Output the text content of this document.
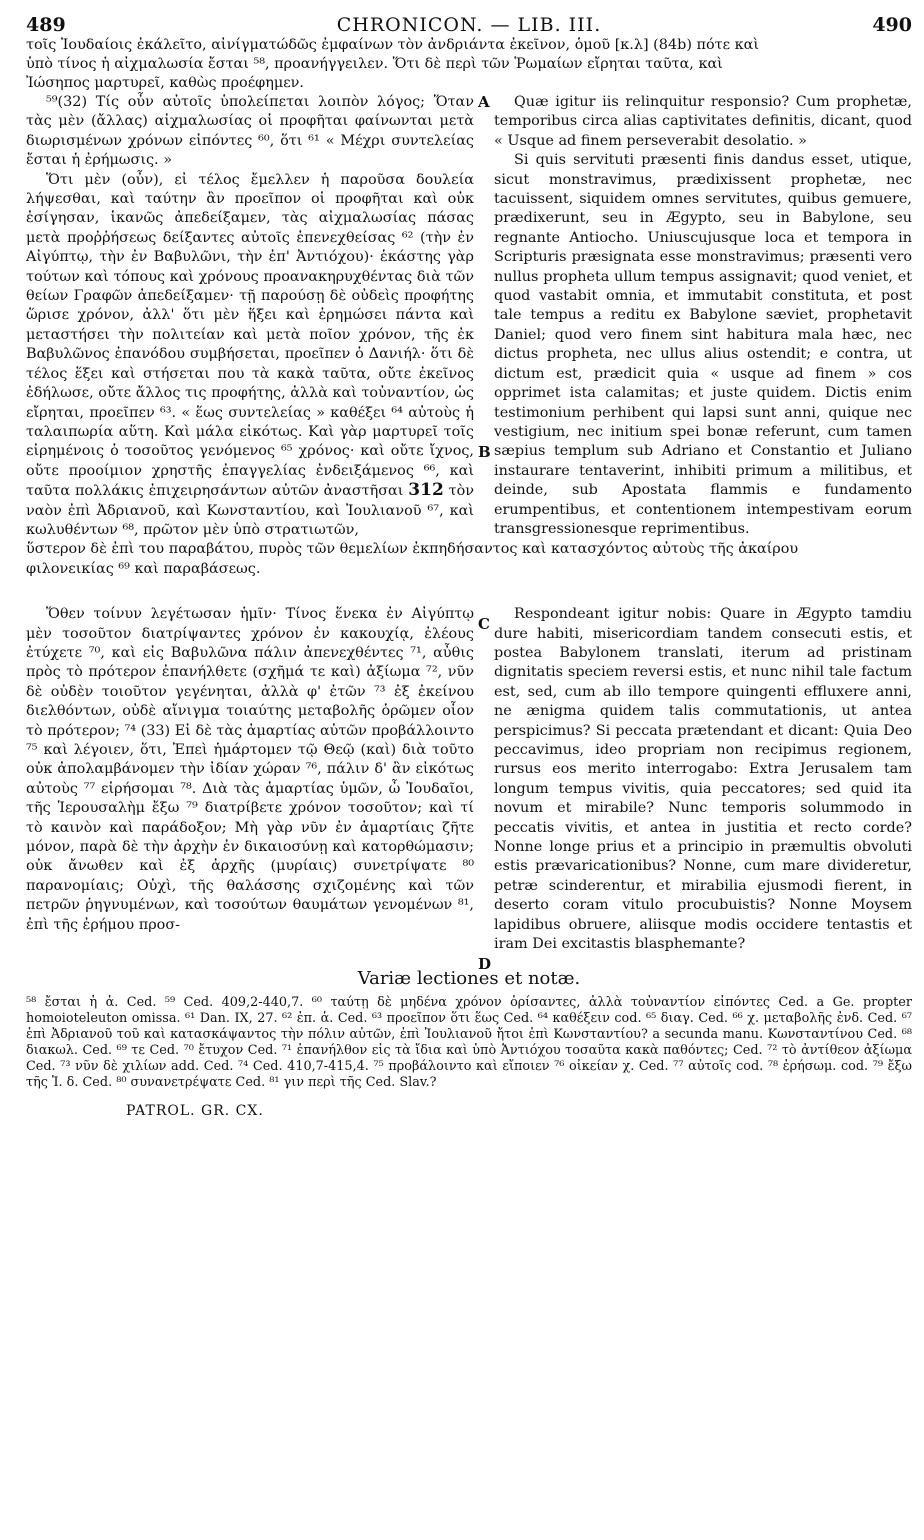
489	CHRONICON. — LIB. III.	490

τοῖς Ἰουδαίοις ἐκάλεῖτο, αἰνίγματώδῶς ἐμφαίνων τὸν ἀνδριάντα ἐκεῖνον, ὁμοῦ [κ.λ] (84b) πότε καὶ

ὑπὸ τίνος ἡ αἰχμαλωσία ἔσται ⁵⁸, προανήγγειλεν. Ὅτι δὲ περὶ τῶν Ῥωμαίων εἴρηται ταῦτα, καὶ

Ἰώσηπος μαρτυρεῖ, καθὼς προέφημεν.

⁵⁹(32) Τίς οὖν αὐτοῖς ὑπολείπεται λοιπὸν λόγος; Ὅταν τὰς μὲν (ἄλλας) αἰχμαλωσίας οἱ προφῆται φαίνωνται μετὰ διωρισμένων χρόνων εἰπόντες ⁶⁰, ὅτι ⁶¹ « Μέχρι συντελείας ἔσται ἡ ἐρήμωσις. »

Ὅτι μὲν (οὖν), εἰ τέλος ἔμελλεν ἡ παροῦσα δουλεία λήψεσθαι, καὶ ταύτην ἂν προεῖπον οἱ προφῆται καὶ οὐκ ἐσίγησαν, ἱκανῶς ἀπεδείξαμεν, τὰς αἰχμαλωσίας πάσας μετὰ προῤῥήσεως δείξαντες αὐτοῖς ἐπενεχθείσας ⁶² (τὴν ἐν Αἰγύπτῳ, τὴν ἐν Βαβυλῶνι, τὴν ἐπ' Ἀντιόχου)· ἑκάστης γὰρ τούτων καὶ τόπους καὶ χρόνους προανακηρυχθέντας διὰ τῶν θείων Γραφῶν ἀπεδείξαμεν· τῇ παρούσῃ δὲ οὐδεὶς προφήτης ὥρισε χρόνον, ἀλλ' ὅτι μὲν ἥξει καὶ ἐρημώσει πάντα καὶ μεταστήσει τὴν πολιτείαν καὶ μετὰ ποῖον χρόνον, τῆς ἐκ Βαβυλῶνος ἐπανόδου συμβήσεται, προεῖπεν ὁ Δανιήλ· ὅτι δὲ τέλος ἕξει καὶ στήσεται που τὰ κακὰ ταῦτα, οὔτε ἐκεῖνος ἐδήλωσε, οὔτε ἄλλος τις προφήτης, ἀλλὰ καὶ τοὐναντίον, ὡς εἴρηται, προεῖπεν ⁶³. « ἕως συντελείας » καθέξει ⁶⁴ αὐτοὺς ἡ ταλαιπωρία αὕτη. Καὶ μάλα εἰκότως. Καὶ γὰρ μαρτυρεῖ τοῖς εἰρημένοις ὁ τοσοῦτος γενόμενος ⁶⁵ χρόνος· καὶ οὔτε ἴχνος, οὔτε προοίμιον χρηστῆς ἐπαγγελίας ἐνδειξάμενος ⁶⁶, καὶ ταῦτα πολλάκις ἐπιχειρησάντων αὐτῶν ἀναστῆσαι 312 τὸν ναὸν ἐπὶ Ἀδριανοῦ, καὶ Κωνσταντίου, καὶ Ἰουλιανοῦ ⁶⁷, καὶ κωλυθέντων ⁶⁸, πρῶτον μὲν ὑπὸ στρατιωτῶν,

A
B

Quæ igitur iis relinquitur responsio? Cum prophetæ, temporibus circa alias captivitates definitis, dicant, quod « Usque ad finem perseverabit desolatio. »

Si quis servituti præsenti finis dandus esset, utique, sicut monstravimus, prædixissent prophetæ, nec tacuissent, siquidem omnes servitutes, quibus gemuere, prædixerunt, seu in Ægypto, seu in Babylone, seu regnante Antiocho. Uniuscujusque loca et tempora in Scripturis præsignata esse monstravimus; præsenti vero nullus propheta ullum tempus assignavit; quod veniet, et quod vastabit omnia, et immutabit constituta, et post tale tempus a reditu ex Babylone sæviet, prophetavit Daniel; quod vero finem sint habitura mala hæc, nec dictus propheta, nec ullus alius ostendit; e contra, ut dictum est, prædicit quia « usque ad finem » cos opprimet ista calamitas; et juste quidem. Dictis enim testimonium perhibent qui lapsi sunt anni, quique nec vestigium, nec initium spei bonæ referunt, cum tamen sæpius templum sub Adriano et Constantio et Juliano instaurare tentaverint, inhibiti primum a militibus, et deinde, sub Apostata flammis e fundamento erumpentibus, et contentionem intempestivam eorum transgressionesque reprimentibus.

ὕστερον δὲ ἐπὶ του παραβάτου, πυρὸς τῶν θεμελίων ἐκπηδήσαντος καὶ κατασχόντος αὐτοὺς τῆς ἀκαίρου

φιλονεικίας ⁶⁹ καὶ παραβάσεως.

Ὅθεν τοίνυν λεγέτωσαν ἡμῖν· Τίνος ἕνεκα ἐν Αἰγύπτῳ μὲν τοσοῦτον διατρίψαντες χρόνον ἐν κακουχίᾳ, ἐλέους ἐτύχετε ⁷⁰, καὶ εἰς Βαβυλῶνα πάλιν ἀπενεχθέντες ⁷¹, αὖθις πρὸς τὸ πρότερον ἐπανήλθετε (σχῆμά τε καὶ) ἀξίωμα ⁷², νῦν δὲ οὐδὲν τοιοῦτον γεγένηται, ἀλλὰ φ' ἐτῶν ⁷³ ἐξ ἐκείνου διελθόντων, οὐδὲ αἴνιγμα τοιαύτης μεταβολῆς ὁρῶμεν οἷον τὸ πρότερον; ⁷⁴ (33) Εἰ δὲ τὰς ἁμαρτίας αὐτῶν προβάλλοιντο ⁷⁵ καὶ λέγοιεν, ὅτι, Ἐπεὶ ἡμάρτομεν τῷ Θεῷ (καὶ) διὰ τοῦτο οὐκ ἀπολαμβάνομεν τὴν ἰδίαν χώραν ⁷⁶, πάλιν δ' ἂν εἰκότως αὐτοὺς ⁷⁷ εἰρήσομαι ⁷⁸. Διὰ τὰς ἁμαρτίας ὑμῶν, ὦ Ἰουδαῖοι, τῆς Ἱερουσαλὴμ ἔξω ⁷⁹ διατρίβετε χρόνον τοσοῦτον; καὶ τί τὸ καινὸν καὶ παράδοξον; Μὴ γὰρ νῦν ἐν ἁμαρτίαις ζῆτε μόνον, παρὰ δὲ τὴν ἀρχὴν ἐν δικαιοσύνῃ καὶ κατορθώμασιν; οὐκ ἄνωθεν καὶ ἐξ ἀρχῆς (μυρίαις) συνετρίψατε ⁸⁰ παρανομίαις; Οὐχὶ, τῆς θαλάσσης σχιζομένης καὶ τῶν πετρῶν ῥηγνυμένων, καὶ τοσούτων θαυμάτων γενομένων ⁸¹, ἐπὶ τῆς ἐρήμου προσ-

C
D

Respondeant igitur nobis: Quare in Ægypto tamdiu dure habiti, misericordiam tandem consecuti estis, et postea Babylonem translati, iterum ad pristinam dignitatis speciem reversi estis, et nunc nihil tale factum est, sed, cum ab illo tempore quingenti effluxere anni, ne ænigma quidem talis commutationis, ut antea perspicimus? Si peccata prætendant et dicant: Quia Deo peccavimus, ideo propriam non recipimus regionem, rursus eos merito interrogabo: Extra Jerusalem tam longum tempus vivitis, quia peccatores; sed quid ita novum et mirabile? Nunc temporis solummodo in peccatis vivitis, et antea in justitia et recto corde? Nonne longe prius et a principio in præmultis obvoluti estis prævaricationibus? Nonne, cum mare divideretur, petræ scinderentur, et mirabilia ejusmodi fierent, in deserto coram vitulo procubuistis? Nonne Moysem lapidibus obruere, aliisque modis occidere tentastis et iram Dei excitastis blasphemante?

Variæ lectiones et notæ.
⁵⁸ ἔσται ἡ ἁ. Ced. ⁵⁹ Ced. 409,2-440,7. ⁶⁰ ταύτῃ δὲ μηδένα χρόνον ὁρίσαντες, ἀλλὰ τοὐναντίον εἰπόντες Ced. a Ge. propter homoioteleuton omissa. ⁶¹ Dan. IX, 27. ⁶² ἐπ. ἁ. Ced. ⁶³ προεῖπον ὅτι ἕως Ced. ⁶⁴ καθέξειν cod. ⁶⁵ διαγ. Ced. ⁶⁶ χ. μεταβολῆς ἐνδ. Ced. ⁶⁷ ἐπὶ Ἀδριανοῦ τοῦ καὶ κατασκάψαντος τὴν πόλιν αὐτῶν, ἐπὶ Ἰουλιανοῦ ἤτοι ἐπὶ Κωνσταντίου? a secunda manu. Κωνσταντίνου Ced. ⁶⁸ διακωλ. Ced. ⁶⁹ τε Ced. ⁷⁰ ἔτυχον Ced. ⁷¹ ἐπανήλθον εἰς τὰ ἴδια καὶ ὑπὸ Ἀντιόχου τοσαῦτα κακὰ παθόντες; Ced. ⁷² τὸ ἀντίθεον ἀξίωμα Ced. ⁷³ νῦν δὲ χιλίων add. Ced. ⁷⁴ Ced. 410,7-415,4. ⁷⁵ προβάλοιντο καὶ εἴποιεν ⁷⁶ οἰκείαν χ. Ced. ⁷⁷ αὐτοῖς cod. ⁷⁸ ἐρήσωμ. cod. ⁷⁹ ἔξω τῆς Ἱ. δ. Ced. ⁸⁰ συνανετρέψατε Ced. ⁸¹ γιν περὶ τῆς Ced. Slav.?
PATROL. GR. CX.
